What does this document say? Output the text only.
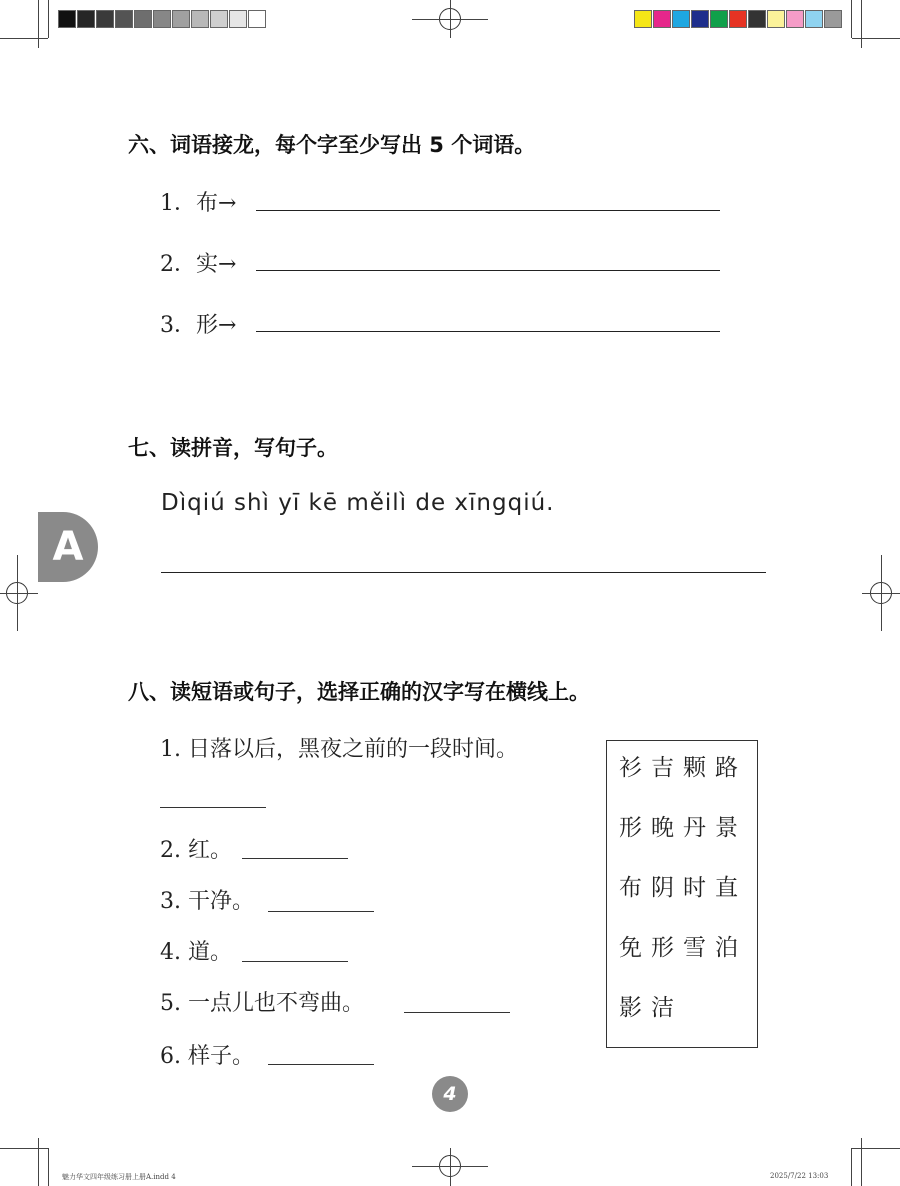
六、词语接龙，每个字至少写出 5 个词语。
1．布→
2．实→
3．形→
七、读拼音，写句子。
Dìqiú shì yī kē měilì de xīngqiú.
A
八、读短语或句子，选择正确的汉字写在横线上。
1. 日落以后，黑夜之前的一段时间。
2. 红。
3. 干净。
4. 道。
5. 一点儿也不弯曲。
6. 样子。
衫吉颗路
形晚丹景
布阴时直
免形雪泊
影洁
4
魅力华文四年级练习册上册A.indd 4	2025/7/22 13:03
